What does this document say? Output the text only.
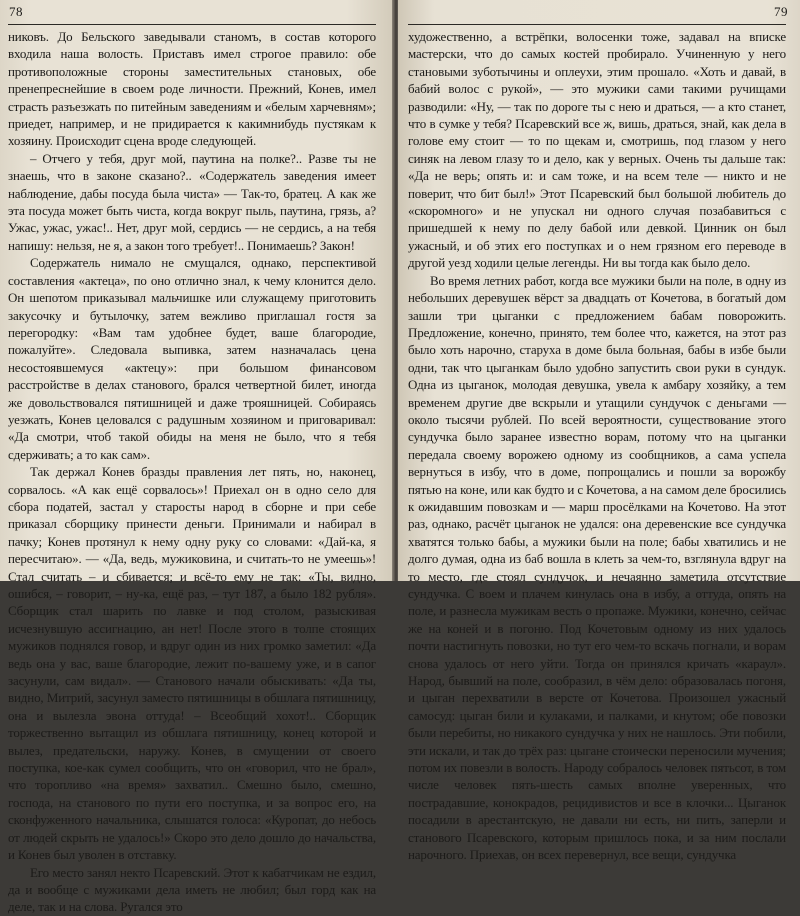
78

никовъ. До Бельского заведывали станомъ, в состав которого входила наша волость. Приставъ имел строгое правило: обе противоположные стороны заместительных становых, обе пренепреснейшие в своем роде личности. Прежний, Конев, имел страсть разъезжать по питейным заведениям и «белым харчевням»; приедет, например, и не придирается к какимнибудь пустякам к хозяину. Происходит сцена вроде следующей.

– Отчего у тебя, друг мой, паутина на полке?.. Разве ты не знаешь, что в законе сказано?.. «Содержатель заведения имеет наблюдение, дабы посуда была чиста» — Так-то, братец. А как же эта посуда может быть чиста, когда вокруг пыль, паутина, грязь, а? Ужас, ужас, ужас!.. Нет, друг мой, сердись — не сердись, а на тебя напишу: нельзя, не я, а закон того требует!.. Понимаешь? Закон!

Содержатель нимало не смущался, однако, перспективой составления «актеца», по оно отлично знал, к чему клонится дело. Он шепотом приказывал мальчишке или служащему приготовить закусочку и бутылочку, затем вежливо приглашал гостя за перегородку: «Вам там удобнее будет, ваше благородие, пожалуйте». Следовала выпивка, затем назначалась цена несостоявшемуся «актецу»: при большом финансовом расстройстве в делах станового, брался четвертной билет, иногда же довольствовался пятишницей и даже трояшницей. Собираясь уезжать, Конев целовался с радушным хозяином и приговаривал: «Да смотри, чтоб такой обиды на меня не было, что я тебя сдерживать; а то как сам».

Так держал Конев бразды правления лет пять, но, наконец, сорвалось. «А как ещё сорвалось»! Приехал он в одно село для сбора податей, застал у старосты народ в сборне и при себе приказал сборщику принести деньги. Принимали и набирал в пачку; Конев протянул к нему одну руку со словами: «Дай-ка, я пересчитаю». — «Да, ведь, мужиковина, и считать-то не умеешь»! Стал считать – и сбивается; и всё-то ему не так: «Ты, видно, ошибся, – говорит, – ну-ка, ещё раз, – тут 187, а было 182 рубля». Сборщик стал шарить по лавке и под столом, разыскивая исчезнувшую ассигнацию, ан нет! После этого в толпе стоящих мужиков поднялся говор, и вдруг один из них громко заметил: «Да ведь она у вас, ваше благородие, лежит по-вашему уже, и в сапог засунули, сам видал». — Станового начали обыскивать: «Да ты, видно, Митрий, засунул заместо пятишницы в обшлага пятишницу, она и вылезла эвона оттуда! – Всеобщий хохот!.. Сборщик торжественно вытащил из обшлага пятишницу, конец которой и вылез, предательски, наружу. Конев, в смущении от своего поступка, кое-как сумел сообщить, что он «говорил, что не брал», что торопливо «на время» захватил.. Смешно было, смешно, господа, на станового по пути его поступка, и за вопрос его, на сконфуженного начальника, слышатся голоса: «Куропат, до небось от людей скрыть не удалось!» Скоро это дело дошло до начальства, и Конев был уволен в отставку.

Его место занял некто Псаревский. Этот к кабатчикам не ездил, да и вообще с мужиками дела иметь не любил; был горд как на деле, так и на слова. Ругался это

79

художественно, а встрёпки, волосенки тоже, задавал на вписке мастерски, что до самых костей пробирало. Учиненную у него становыми зуботычины и оплеухи, этим прошало. «Хоть и давай, в бабий волос с рукой», — это мужики сами такими ручищами разводили: «Ну, — так по дороге ты с нею и драться, — а кто станет, что в сумке у тебя? Псаревский все ж, вишь, драться, знай, как дела в голове ему стоит — то по щекам и, смотришь, под глазом у него синяк на левом глазу то и дело, как у верных. Очень ты дальше так: «Да не верь; опять и: и сам тоже, и на всем теле — никто и не поверит, что бит был!» Этот Псаревский был большой любитель до «скоромного» и не упускал ни одного случая позабавиться с пришедшей к нему по делу бабой или девкой. Цинник он был ужасный, и об этих его поступках и о нем грязном его переводе в другой уезд ходили целые легенды. Ни вы тогда как было дело.

Во время летних работ, когда все мужики были на поле, в одну из небольших деревушек вёрст за двадцать от Кочетова, в богатый дом зашли три цыганки с предложением бабам поворожить. Предложение, конечно, принято, тем более что, кажется, на этот раз было хоть нарочно, старуха в доме была больная, бабы в избе были одни, так что цыганкам было удобно запустить свои руки в сундук. Одна из цыганок, молодая девушка, увела к амбару хозяйку, а тем временем другие две вскрыли и утащили сундучок с деньгами — около тысячи рублей. По всей вероятности, существование этого сундучка было заранее известно ворам, потому что на цыганки передала своему ворожею одному из сообщников, а сама успела вернуться в избу, что в доме, попрощались и пошли за ворожбу пятью на коне, или как будто и с Кочетова, а на самом деле бросились к ожидавшим повозкам и — марш просёлками на Кочетово. На этот раз, однако, расчёт цыганок не удался: она деревенские все сундучка хватятся только бабы, а мужики были на поле; бабы хватились и не долго думая, одна из баб вошла в клеть за чем-то, взглянула вдруг на то место, где стоял сундучок, и нечаянно заметила отсутствие сундучка. С воем и плачем кинулась она в избу, а оттуда, опять на поле, и разнесла мужикам весть о пропаже. Мужики, конечно, сейчас же на коней и в погоню. Под Кочетовым одному из них удалось почти настигнуть повозки, но тут его чем-то вскачь погнали, и ворам снова удалось от него уйти. Тогда он принялся кричать «караул». Народ, бывший на поле, сообразил, в чём дело: образовалась погоня, и цыган перехватили в версте от Кочетова. Произошел ужасный самосуд: цыган били и кулаками, и палками, и кнутом; обе повозки были перебиты, но никакого сундучка у них не нашлось. Эти побили, эти искали, и так до трёх раз: цыгане стоически переносили мучения; потом их повезли в волость. Народу собралось человек пятьсот, в том числе человек пять-шесть самых вполне уверенных, что пострадавшие, конокрадов, рецидивистов и все в клочки... Цыганок посадили в арестантскую, не давали ни есть, ни пить, заперли и станового Псаревского, которым пришлось пока, и за ним послали нарочного. Приехав, он всех перевернул, все вещи, сундучка
